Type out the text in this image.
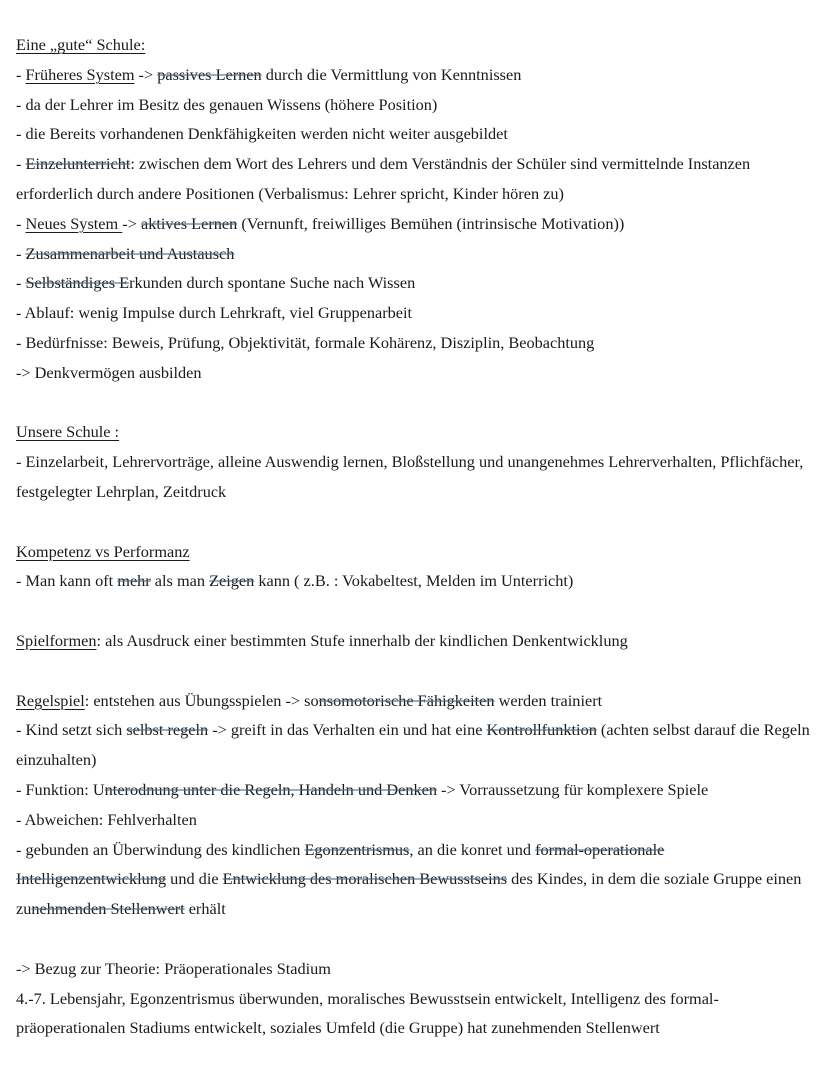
Eine „gute“ Schule:
- Früheres System -> passives Lernen durch die Vermittlung von Kenntnissen
- da der Lehrer im Besitz des genauen Wissens (höhere Position)
- die Bereits vorhandenen Denkfähigkeiten werden nicht weiter ausgebildet
- Einzelunterricht: zwischen dem Wort des Lehrers und dem Verständnis der Schüler sind vermittelnde Instanzen erforderlich durch andere Positionen (Verbalismus: Lehrer spricht, Kinder hören zu)
- Neues System -> aktives Lernen (Vernunft, freiwilliges Bemühen (intrinsische Motivation))
- Zusammenarbeit und Austausch
- Selbständiges Erkunden durch spontane Suche nach Wissen
- Ablauf: wenig Impulse durch Lehrkraft, viel Gruppenarbeit
- Bedürfnisse: Beweis, Prüfung, Objektivität, formale Kohärenz, Disziplin, Beobachtung
-> Denkvermögen ausbilden
Unsere Schule :
- Einzelarbeit, Lehrervorträge, alleine Auswendig lernen, Bloßstellung und unangenehmes Lehrerverhalten, Pflichfächer, festgelegter Lehrplan, Zeitdruck
Kompetenz vs Performanz
- Man kann oft mehr als man Zeigen kann ( z.B. : Vokabeltest, Melden im Unterricht)
Spielformen: als Ausdruck einer bestimmten Stufe innerhalb der kindlichen Denkentwicklung
Regelspiel: entstehen aus Übungsspielen -> sonsomotorische Fähigkeiten werden trainiert
- Kind setzt sich selbst regeln -> greift in das Verhalten ein und hat eine Kontrollfunktion (achten selbst darauf die Regeln einzuhalten)
- Funktion: Unterodnung unter die Regeln, Handeln und Denken -> Vorraussetzung für komplexere Spiele
- Abweichen: Fehlverhalten
- gebunden an Überwindung des kindlichen Egonzentrismus, an die konret und formal-operationale Intelligenzentwicklung und die Entwicklung des moralischen Bewusstseins des Kindes, in dem die soziale Gruppe einen zunehmenden Stellenwert erhält
-> Bezug zur Theorie: Präoperationales Stadium
4.-7. Lebensjahr, Egonzentrismus überwunden, moralisches Bewusstsein entwickelt, Intelligenz des formal-präoperationalen Stadiums entwickelt, soziales Umfeld (die Gruppe) hat zunehmenden Stellenwert
